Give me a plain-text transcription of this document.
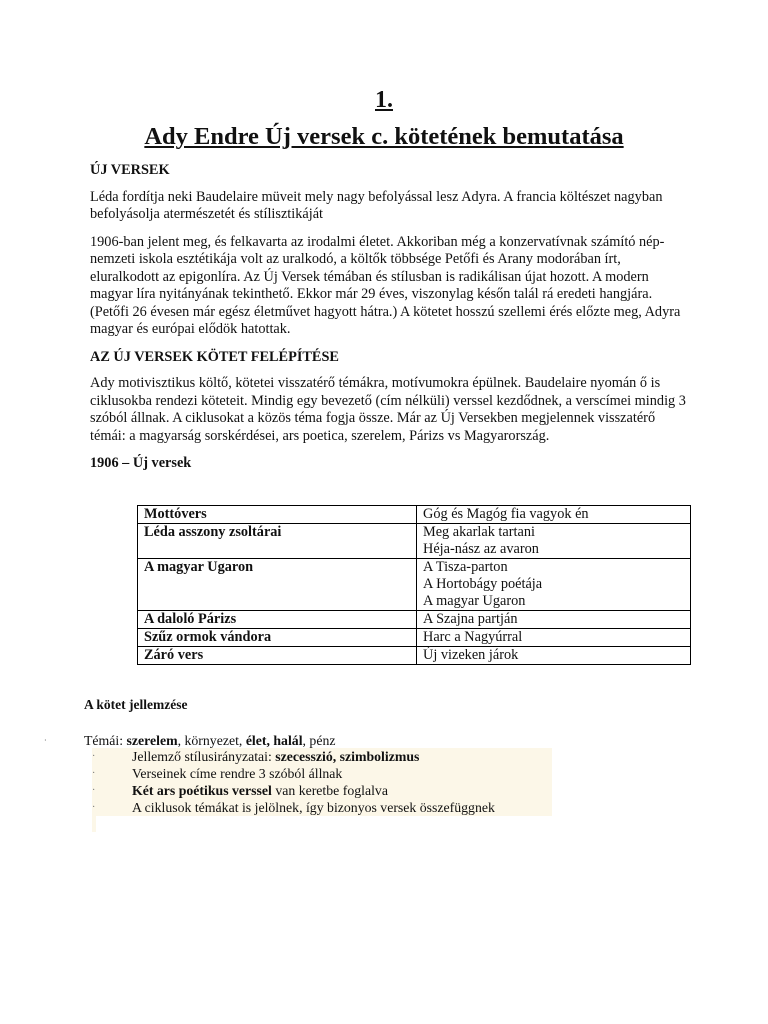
1.
Ady Endre Új versek c. kötetének bemutatása

ÚJ VERSEK

Léda fordítja neki Baudelaire müveit mely nagy befolyással lesz Adyra. A francia költészet nagyban befolyásolja atermészetét és stílisztikáját

1906-ban jelent meg, és felkavarta az irodalmi életet. Akkoriban még a konzervatívnak számító nép-nemzeti iskola esztétikája volt az uralkodó, a költők többsége Petőfi és Arany modorában írt, eluralkodott az epigonlíra. Az Új Versek témában és stílusban is radikálisan újat hozott. A modern magyar líra nyitányának tekinthető. Ekkor már 29 éves, viszonylag későn talál rá eredeti hangjára. (Petőfi 26 évesen már egész életművet hagyott hátra.) A kötetet hosszú szellemi érés előzte meg, Adyra magyar és európai elődök hatottak.

AZ ÚJ VERSEK KÖTET FELÉPÍTÉSE

Ady motivisztikus költő, kötetei visszatérő témákra, motívumokra épülnek. Baudelaire nyomán ő is ciklusokba rendezi köteteit. Mindig egy bevezető (cím nélküli) verssel kezdődnek, a verscímei mindig 3 szóból állnak. A ciklusokat a közös téma fogja össze. Már az Új Versekben megjelennek visszatérő témái: a magyarság sorskérdései, ars poetica, szerelem, Párizs vs Magyarország.

1906 – Új versek

Mottóvers	Góg és Magóg fia vagyok én

Léda asszony zsoltárai	Meg akarlak tartani
Héja-nász az avaron

A magyar Ugaron	A Tisza-parton
A Hortobágy poétája
A magyar Ugaron

A daloló Párizs	A Szajna partján

Szűz ormok vándora	Harc a Nagyúrral

Záró vers	Új vizeken járok
A kötet jellemzése
·	Témái: szerelem, környezet, élet, halál, pénz
·	Jellemző stílusirányzatai: szecesszió, szimbolizmus
·	Verseinek címe rendre 3 szóból állnak
·	Két ars poétikus verssel van keretbe foglalva
·	A ciklusok témákat is jelölnek, így bizonyos versek összefüggnek
